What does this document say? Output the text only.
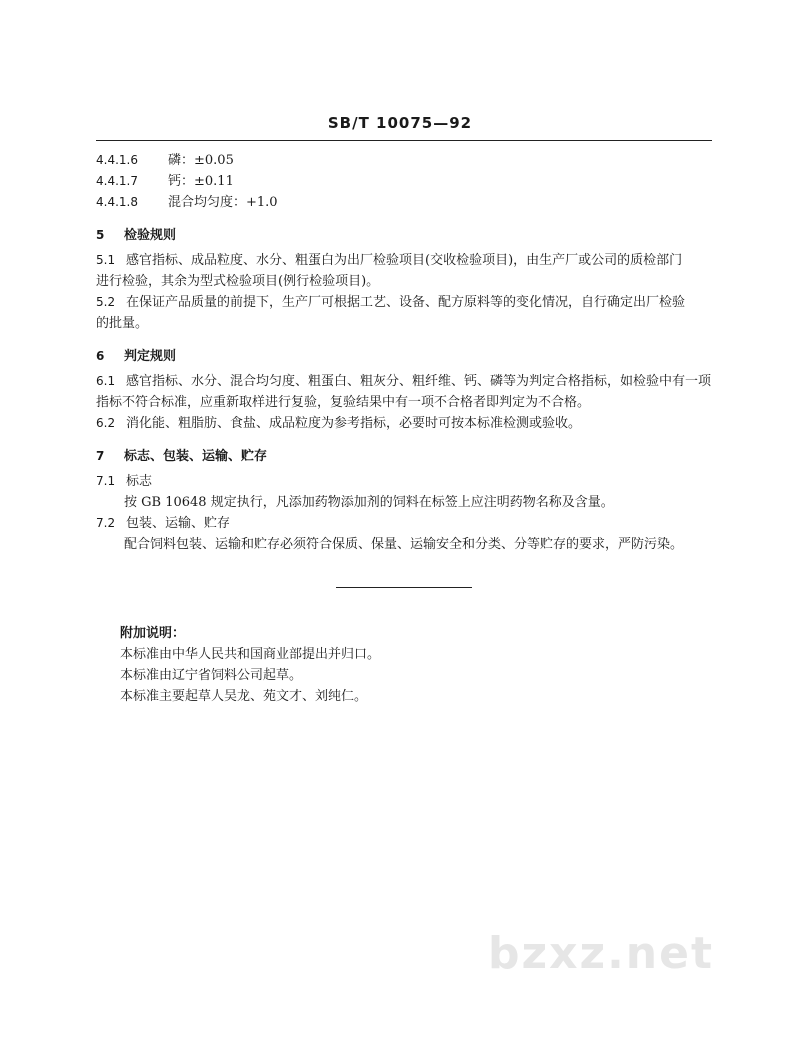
SB/T 10075—92
4.4.1.6 磷：±0.05
4.4.1.7 钙：±0.11
4.4.1.8 混合均匀度：+1.0
5 检验规则
5.1 感官指标、成品粒度、水分、粗蛋白为出厂检验项目(交收检验项目)，由生产厂或公司的质检部门
进行检验，其余为型式检验项目(例行检验项目)。
5.2 在保证产品质量的前提下，生产厂可根据工艺、设备、配方原料等的变化情况，自行确定出厂检验
的批量。
6 判定规则
6.1 感官指标、水分、混合均匀度、粗蛋白、粗灰分、粗纤维、钙、磷等为判定合格指标，如检验中有一项
指标不符合标准，应重新取样进行复验，复验结果中有一项不合格者即判定为不合格。
6.2 消化能、粗脂肪、食盐、成品粒度为参考指标，必要时可按本标准检测或验收。
7 标志、包装、运输、贮存
7.1 标志
按 GB 10648 规定执行，凡添加药物添加剂的饲料在标签上应注明药物名称及含量。
7.2 包装、运输、贮存
配合饲料包装、运输和贮存必须符合保质、保量、运输安全和分类、分等贮存的要求，严防污染。
附加说明：
本标准由中华人民共和国商业部提出并归口。
本标准由辽宁省饲料公司起草。
本标准主要起草人吴龙、苑文才、刘纯仁。
bzxz.net
